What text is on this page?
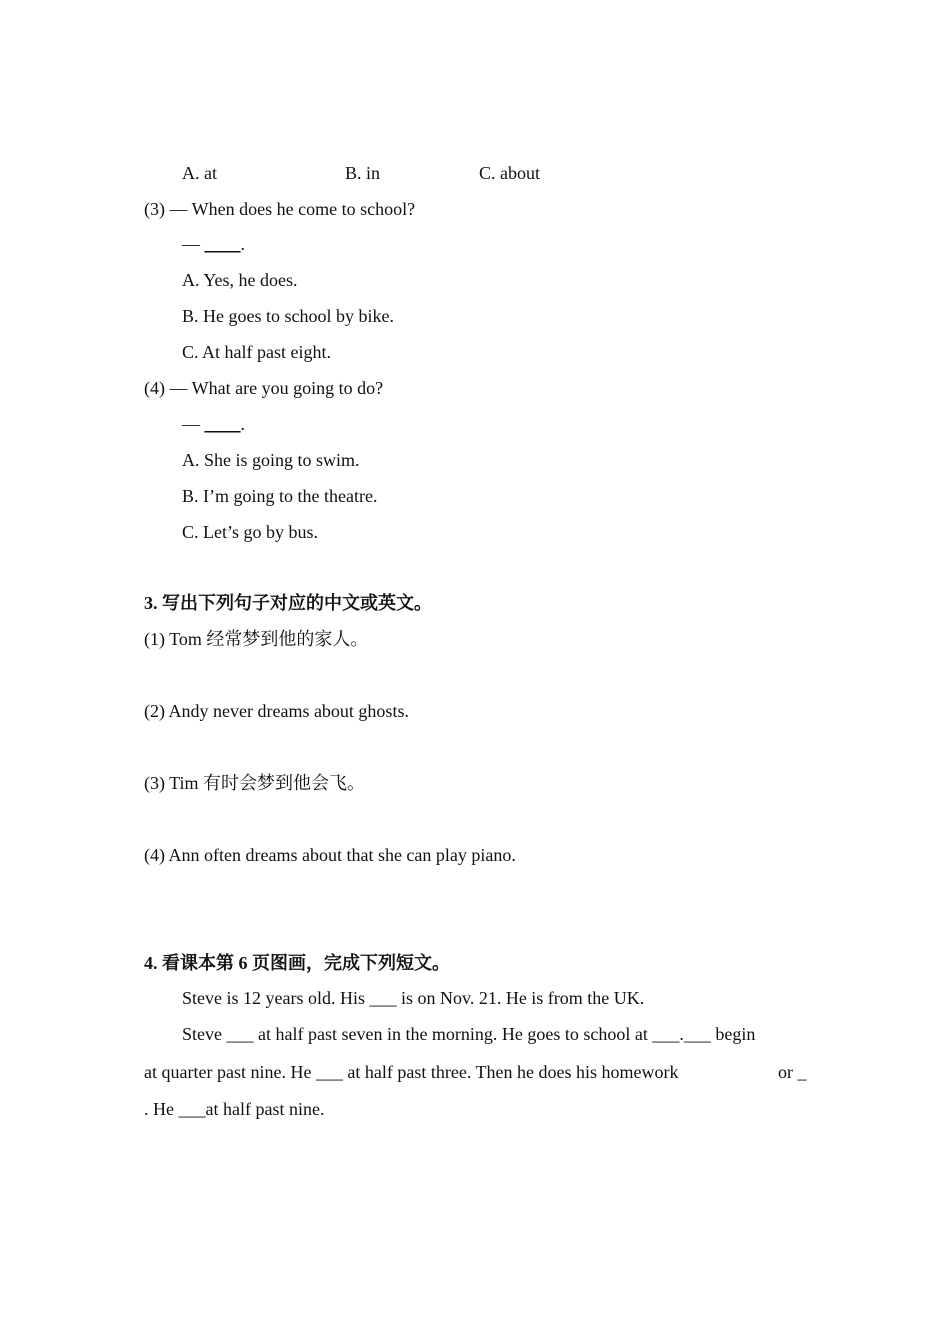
A. at	B. in	C. about
(3) — When does he come to school?
— ____.
A. Yes, he does.
B. He goes to school by bike.
C. At half past eight.
(4) — What are you going to do?
— ____.
A. She is going to swim.
B. I’m going to the theatre.
C. Let’s go by bus.
3. 写出下列句子对应的中文或英文。
(1) Tom 经常梦到他的家人。
(2) Andy never dreams about ghosts.
(3) Tim 有时会梦到他会飞。
(4) Ann often dreams about that she can play piano.
4. 看课本第 6 页图画，完成下列短文。
Steve is 12 years old. His ___ is on Nov. 21. He is from the UK.
Steve ___ at half past seven in the morning. He goes to school at ___.___ begin
at quarter past nine. He ___ at half past three. Then he does his homework	or _
. He ___at half past nine.
